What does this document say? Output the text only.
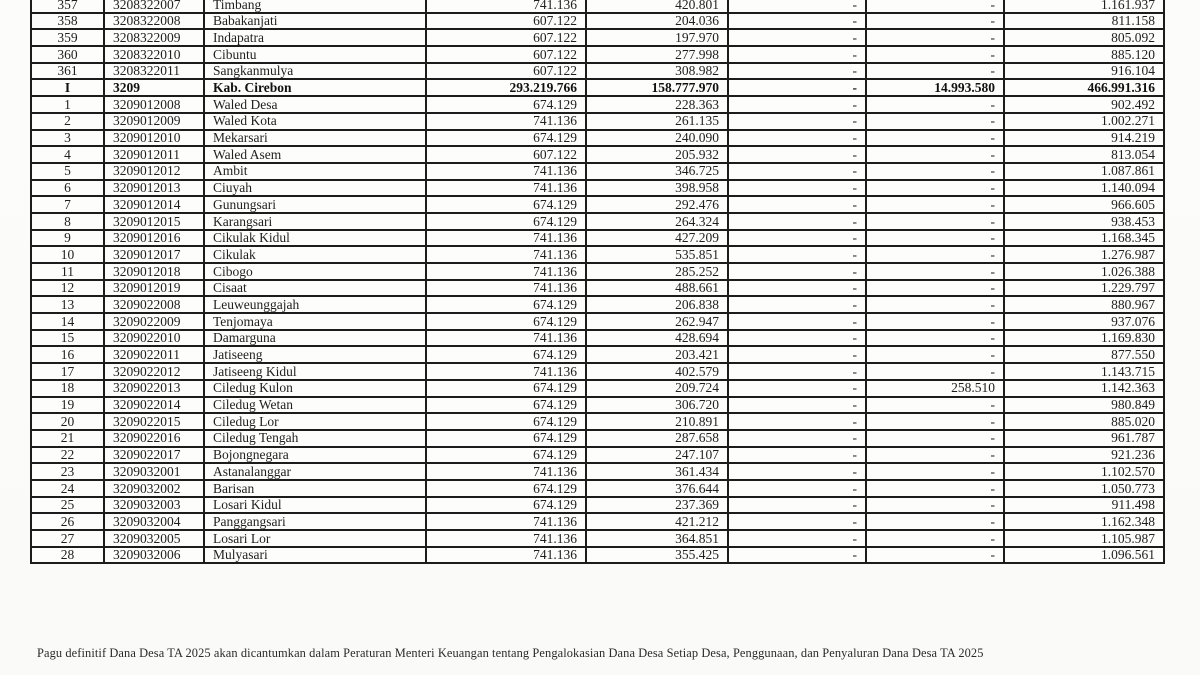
357	3208322007	Timbang	741.136	420.801	-	-	1.161.937
358	3208322008	Babakanjati	607.122	204.036	-	-	811.158
359	3208322009	Indapatra	607.122	197.970	-	-	805.092
360	3208322010	Cibuntu	607.122	277.998	-	-	885.120
361	3208322011	Sangkanmulya	607.122	308.982	-	-	916.104
I	3209	Kab. Cirebon	293.219.766	158.777.970	-	14.993.580	466.991.316
1	3209012008	Waled Desa	674.129	228.363	-	-	902.492
2	3209012009	Waled Kota	741.136	261.135	-	-	1.002.271
3	3209012010	Mekarsari	674.129	240.090	-	-	914.219
4	3209012011	Waled Asem	607.122	205.932	-	-	813.054
5	3209012012	Ambit	741.136	346.725	-	-	1.087.861
6	3209012013	Ciuyah	741.136	398.958	-	-	1.140.094
7	3209012014	Gunungsari	674.129	292.476	-	-	966.605
8	3209012015	Karangsari	674.129	264.324	-	-	938.453
9	3209012016	Cikulak Kidul	741.136	427.209	-	-	1.168.345
10	3209012017	Cikulak	741.136	535.851	-	-	1.276.987
11	3209012018	Cibogo	741.136	285.252	-	-	1.026.388
12	3209012019	Cisaat	741.136	488.661	-	-	1.229.797
13	3209022008	Leuweunggajah	674.129	206.838	-	-	880.967
14	3209022009	Tenjomaya	674.129	262.947	-	-	937.076
15	3209022010	Damarguna	741.136	428.694	-	-	1.169.830
16	3209022011	Jatiseeng	674.129	203.421	-	-	877.550
17	3209022012	Jatiseeng Kidul	741.136	402.579	-	-	1.143.715
18	3209022013	Ciledug Kulon	674.129	209.724	-	258.510	1.142.363
19	3209022014	Ciledug Wetan	674.129	306.720	-	-	980.849
20	3209022015	Ciledug Lor	674.129	210.891	-	-	885.020
21	3209022016	Ciledug Tengah	674.129	287.658	-	-	961.787
22	3209022017	Bojongnegara	674.129	247.107	-	-	921.236
23	3209032001	Astanalanggar	741.136	361.434	-	-	1.102.570
24	3209032002	Barisan	674.129	376.644	-	-	1.050.773
25	3209032003	Losari Kidul	674.129	237.369	-	-	911.498
26	3209032004	Panggangsari	741.136	421.212	-	-	1.162.348
27	3209032005	Losari Lor	741.136	364.851	-	-	1.105.987
28	3209032006	Mulyasari	741.136	355.425	-	-	1.096.561
Pagu definitif Dana Desa TA 2025 akan dicantumkan dalam Peraturan Menteri Keuangan tentang Pengalokasian Dana Desa Setiap Desa, Penggunaan, dan Penyaluran Dana Desa TA 2025
